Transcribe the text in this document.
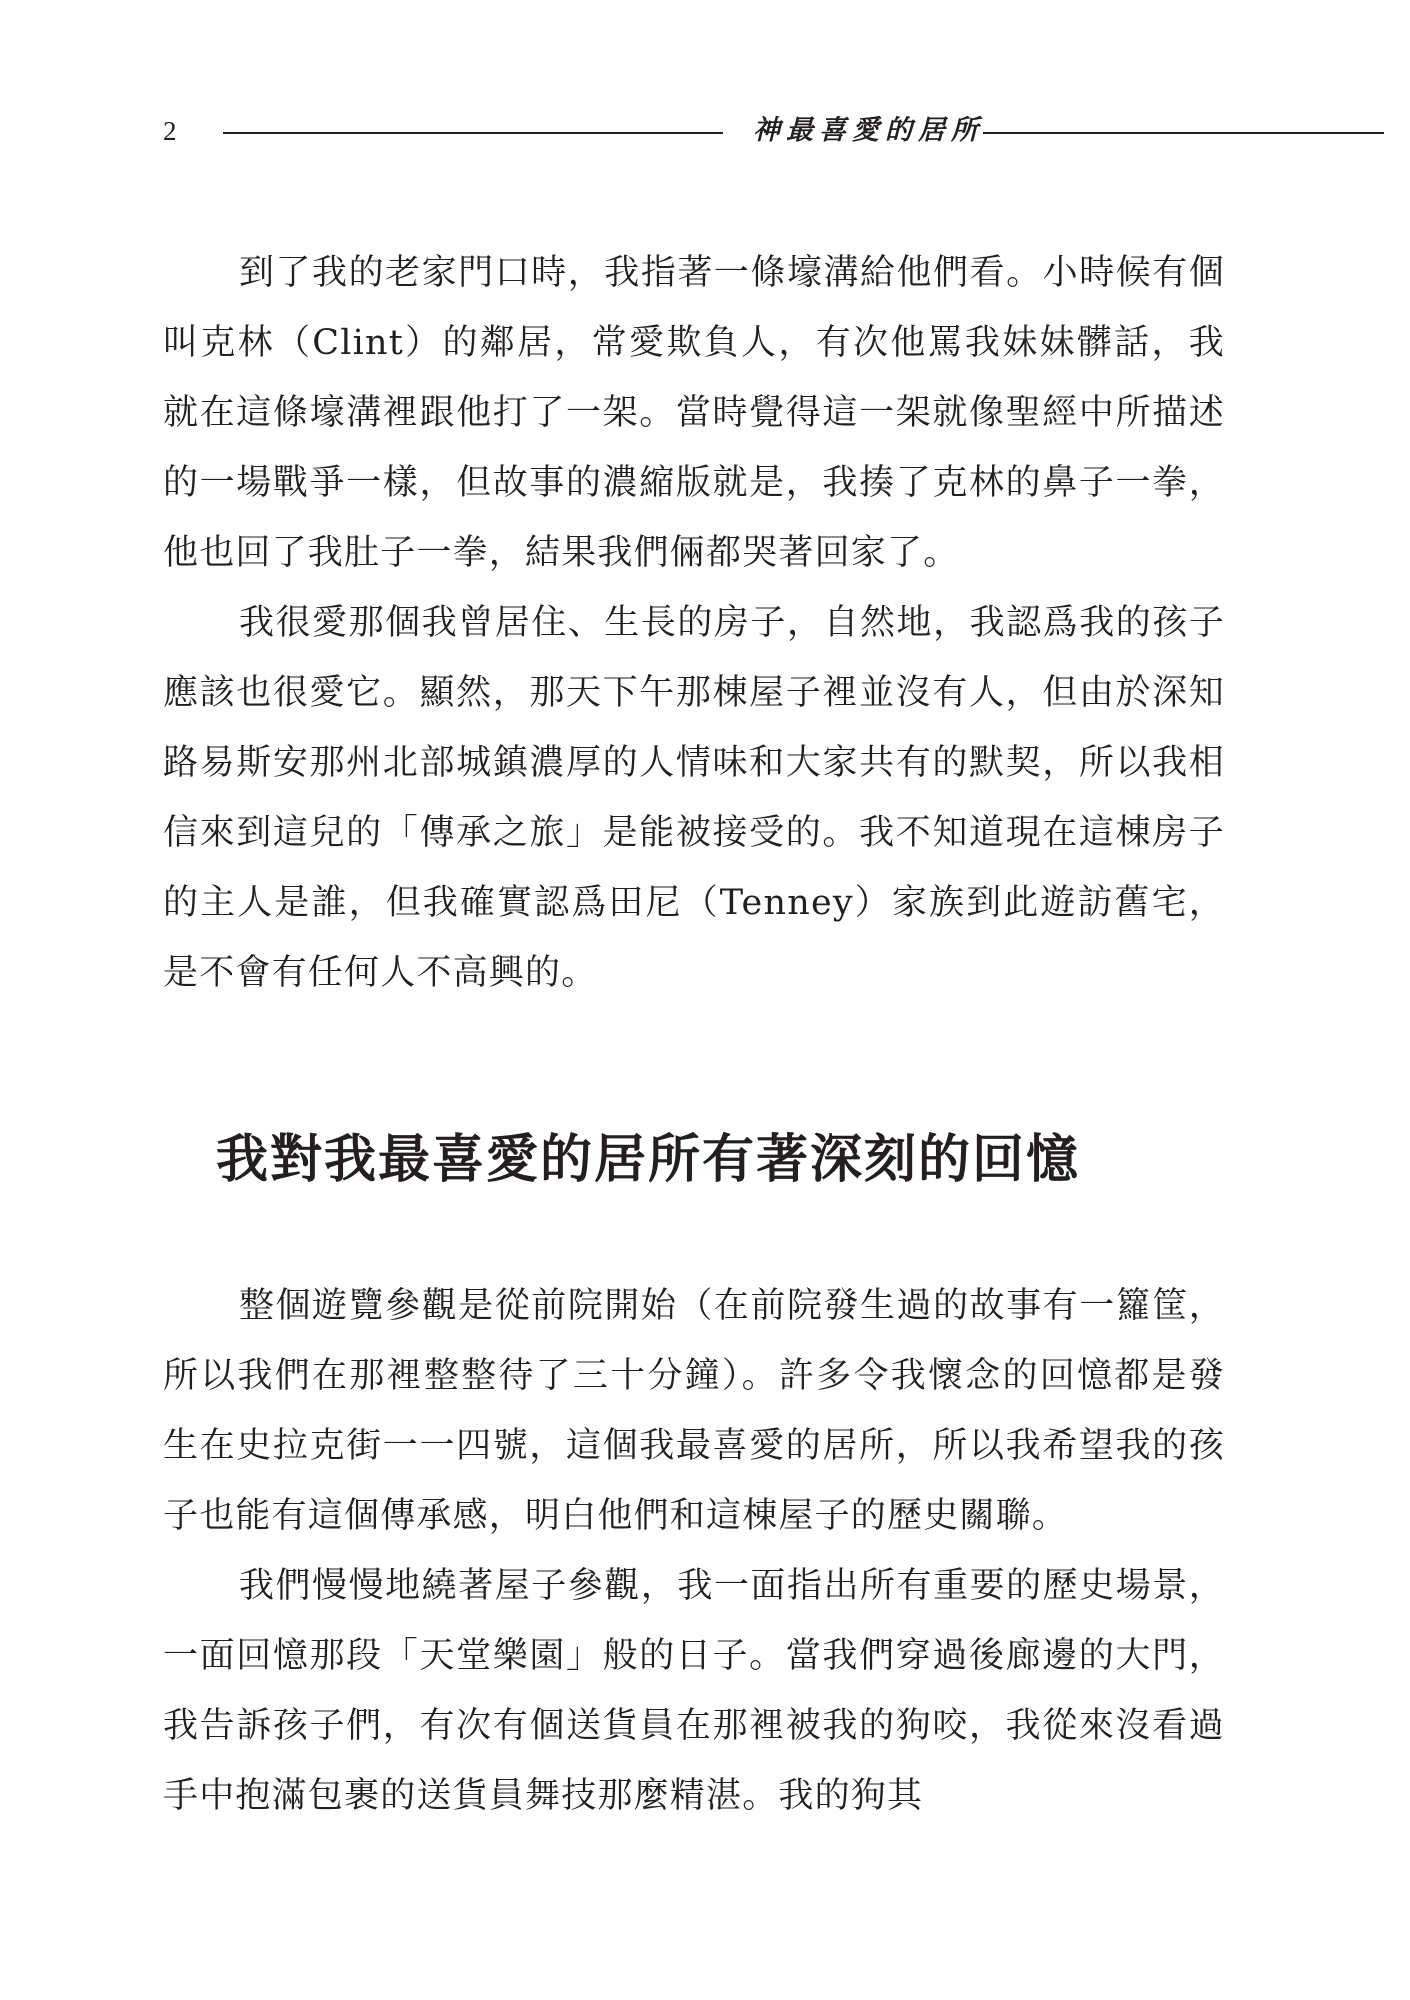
2	神最喜愛的居所

到了我的老家門口時，我指著一條壕溝給他們看。小時候有個叫克林（Clint）的鄰居，常愛欺負人，有次他罵我妹妹髒話，我就在這條壕溝裡跟他打了一架。當時覺得這一架就像聖經中所描述的一場戰爭一樣，但故事的濃縮版就是，我揍了克林的鼻子一拳，他也回了我肚子一拳，結果我們倆都哭著回家了。

我很愛那個我曾居住、生長的房子，自然地，我認爲我的孩子應該也很愛它。顯然，那天下午那棟屋子裡並沒有人，但由於深知路易斯安那州北部城鎮濃厚的人情味和大家共有的默契，所以我相信來到這兒的「傳承之旅」是能被接受的。我不知道現在這棟房子的主人是誰，但我確實認爲田尼（Tenney）家族到此遊訪舊宅，是不會有任何人不高興的。

我對我最喜愛的居所有著深刻的回憶

整個遊覽參觀是從前院開始（在前院發生過的故事有一籮筐，所以我們在那裡整整待了三十分鐘）。許多令我懷念的回憶都是發生在史拉克街一一四號，這個我最喜愛的居所，所以我希望我的孩子也能有這個傳承感，明白他們和這棟屋子的歷史關聯。

我們慢慢地繞著屋子參觀，我一面指出所有重要的歷史場景，一面回憶那段「天堂樂園」般的日子。當我們穿過後廊邊的大門，我告訴孩子們，有次有個送貨員在那裡被我的狗咬，我從來沒看過手中抱滿包裹的送貨員舞技那麼精湛。我的狗其
